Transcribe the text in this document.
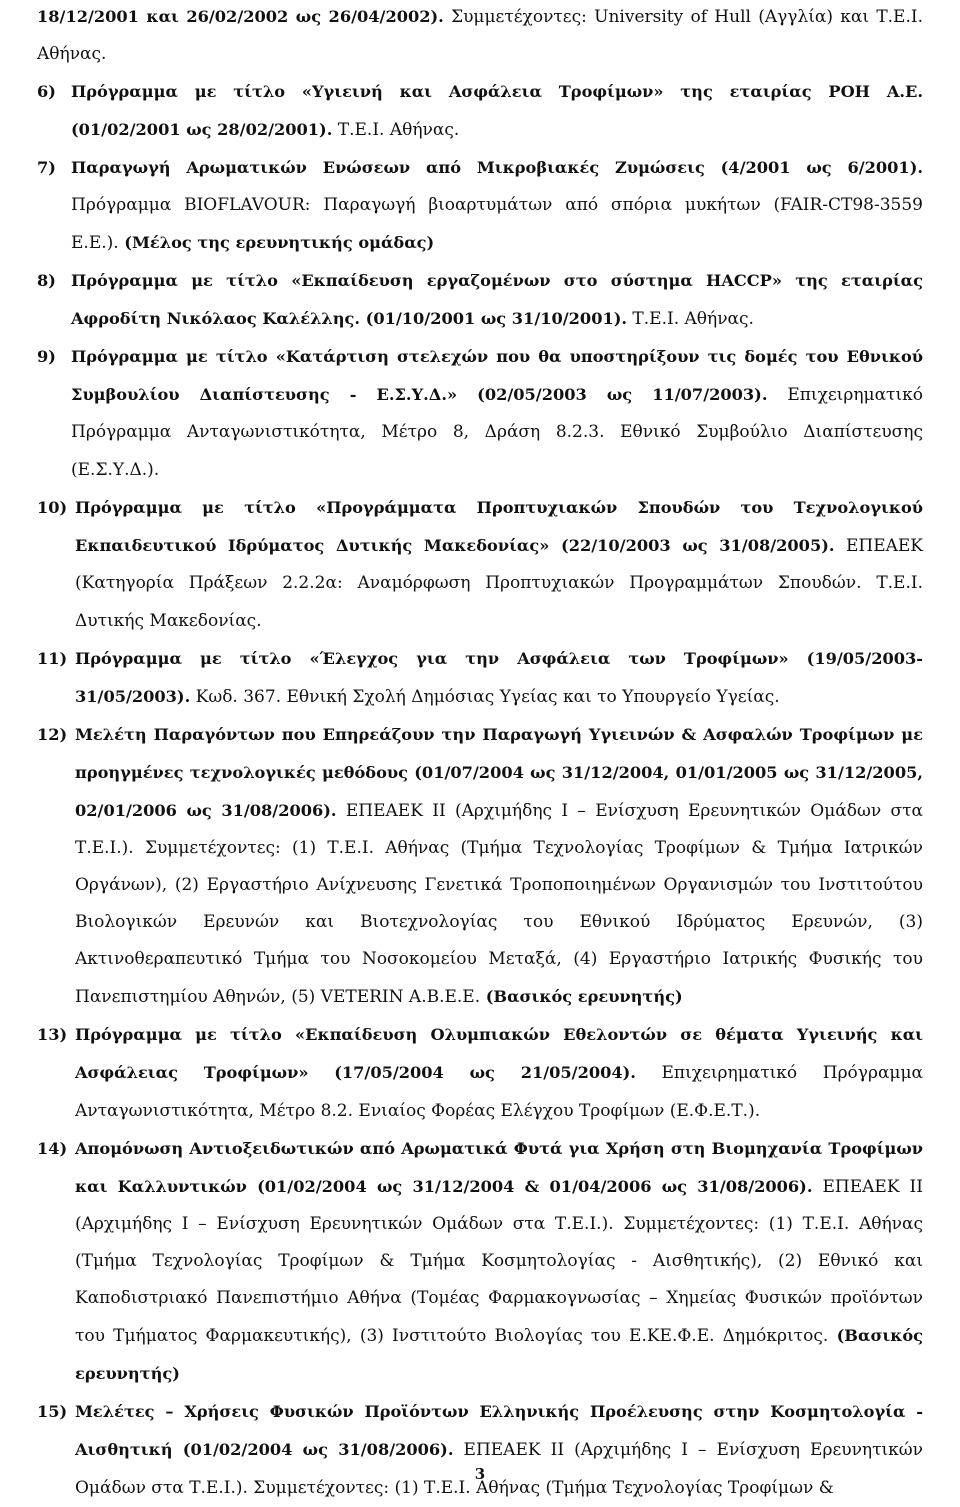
18/12/2001 και 26/02/2002 ως 26/04/2002). Συμμετέχοντες: University of Hull (Αγγλία) και Τ.Ε.Ι. Αθήνας.

6) Πρόγραμμα με τίτλο «Υγιεινή και Ασφάλεια Τροφίμων» της εταιρίας ΡΟΗ Α.Ε. (01/02/2001 ως 28/02/2001). Τ.Ε.Ι. Αθήνας.

7) Παραγωγή Αρωματικών Ενώσεων από Μικροβιακές Ζυμώσεις (4/2001 ως 6/2001). Πρόγραμμα BIOFLAVOUR: Παραγωγή βιοαρτυμάτων από σπόρια μυκήτων (FAIR-CT98-3559 Ε.Ε.). (Μέλος της ερευνητικής ομάδας)

8) Πρόγραμμα με τίτλο «Εκπαίδευση εργαζομένων στο σύστημα HACCP» της εταιρίας Αφροδίτη Νικόλαος Καλέλλης. (01/10/2001 ως 31/10/2001). Τ.Ε.Ι. Αθήνας.

9) Πρόγραμμα με τίτλο «Κατάρτιση στελεχών που θα υποστηρίξουν τις δομές του Εθνικού Συμβουλίου Διαπίστευσης - Ε.Σ.Υ.Δ.» (02/05/2003 ως 11/07/2003). Επιχειρηματικό Πρόγραμμα Ανταγωνιστικότητα, Μέτρο 8, Δράση 8.2.3. Εθνικό Συμβούλιο Διαπίστευσης (Ε.Σ.Υ.Δ.).

10) Πρόγραμμα με τίτλο «Προγράμματα Προπτυχιακών Σπουδών του Τεχνολογικού Εκπαιδευτικού Ιδρύματος Δυτικής Μακεδονίας» (22/10/2003 ως 31/08/2005). ΕΠΕΑΕΚ (Κατηγορία Πράξεων 2.2.2α: Αναμόρφωση Προπτυχιακών Προγραμμάτων Σπουδών. Τ.Ε.Ι. Δυτικής Μακεδονίας.

11) Πρόγραμμα με τίτλο «Έλεγχος για την Ασφάλεια των Τροφίμων» (19/05/2003-31/05/2003). Κωδ. 367. Εθνική Σχολή Δημόσιας Υγείας και το Υπουργείο Υγείας.

12) Μελέτη Παραγόντων που Επηρεάζουν την Παραγωγή Υγιεινών & Ασφαλών Τροφίμων με προηγμένες τεχνολογικές μεθόδους (01/07/2004 ως 31/12/2004, 01/01/2005 ως 31/12/2005, 02/01/2006 ως 31/08/2006). ΕΠΕΑΕΚ ΙΙ (Αρχιμήδης Ι – Ενίσχυση Ερευνητικών Ομάδων στα Τ.Ε.Ι.). Συμμετέχοντες: (1) Τ.Ε.Ι. Αθήνας (Τμήμα Τεχνολογίας Τροφίμων & Τμήμα Ιατρικών Οργάνων), (2) Εργαστήριο Ανίχνευσης Γενετικά Τροποποιημένων Οργανισμών του Ινστιτούτου Βιολογικών Ερευνών και Βιοτεχνολογίας του Εθνικού Ιδρύματος Ερευνών, (3) Ακτινοθεραπευτικό Τμήμα του Νοσοκομείου Μεταξά, (4) Εργαστήριο Ιατρικής Φυσικής του Πανεπιστημίου Αθηνών, (5) VETERIN A.B.E.E. (Βασικός ερευνητής)

13) Πρόγραμμα με τίτλο «Εκπαίδευση Ολυμπιακών Εθελοντών σε θέματα Υγιεινής και Ασφάλειας Τροφίμων» (17/05/2004 ως 21/05/2004). Επιχειρηματικό Πρόγραμμα Ανταγωνιστικότητα, Μέτρο 8.2. Ενιαίος Φορέας Ελέγχου Τροφίμων (Ε.Φ.Ε.Τ.).

14) Απομόνωση Αντιοξειδωτικών από Αρωματικά Φυτά για Χρήση στη Βιομηχανία Τροφίμων και Καλλυντικών (01/02/2004 ως 31/12/2004 & 01/04/2006 ως 31/08/2006). ΕΠΕΑΕΚ ΙΙ (Αρχιμήδης Ι – Ενίσχυση Ερευνητικών Ομάδων στα Τ.Ε.Ι.). Συμμετέχοντες: (1) Τ.Ε.Ι. Αθήνας (Τμήμα Τεχνολογίας Τροφίμων & Τμήμα Κοσμητολογίας - Αισθητικής), (2) Εθνικό και Καποδιστριακό Πανεπιστήμιο Αθήνα (Τομέας Φαρμακογνωσίας – Χημείας Φυσικών προϊόντων του Τμήματος Φαρμακευτικής), (3) Ινστιτούτο Βιολογίας του Ε.ΚΕ.Φ.Ε. Δημόκριτος. (Βασικός ερευνητής)

15) Μελέτες – Χρήσεις Φυσικών Προϊόντων Ελληνικής Προέλευσης στην Κοσμητολογία - Αισθητική (01/02/2004 ως 31/08/2006). ΕΠΕΑΕΚ ΙΙ (Αρχιμήδης Ι – Ενίσχυση Ερευνητικών Ομάδων στα Τ.Ε.Ι.). Συμμετέχοντες: (1) Τ.Ε.Ι. Αθήνας (Τμήμα Τεχνολογίας Τροφίμων &

3
